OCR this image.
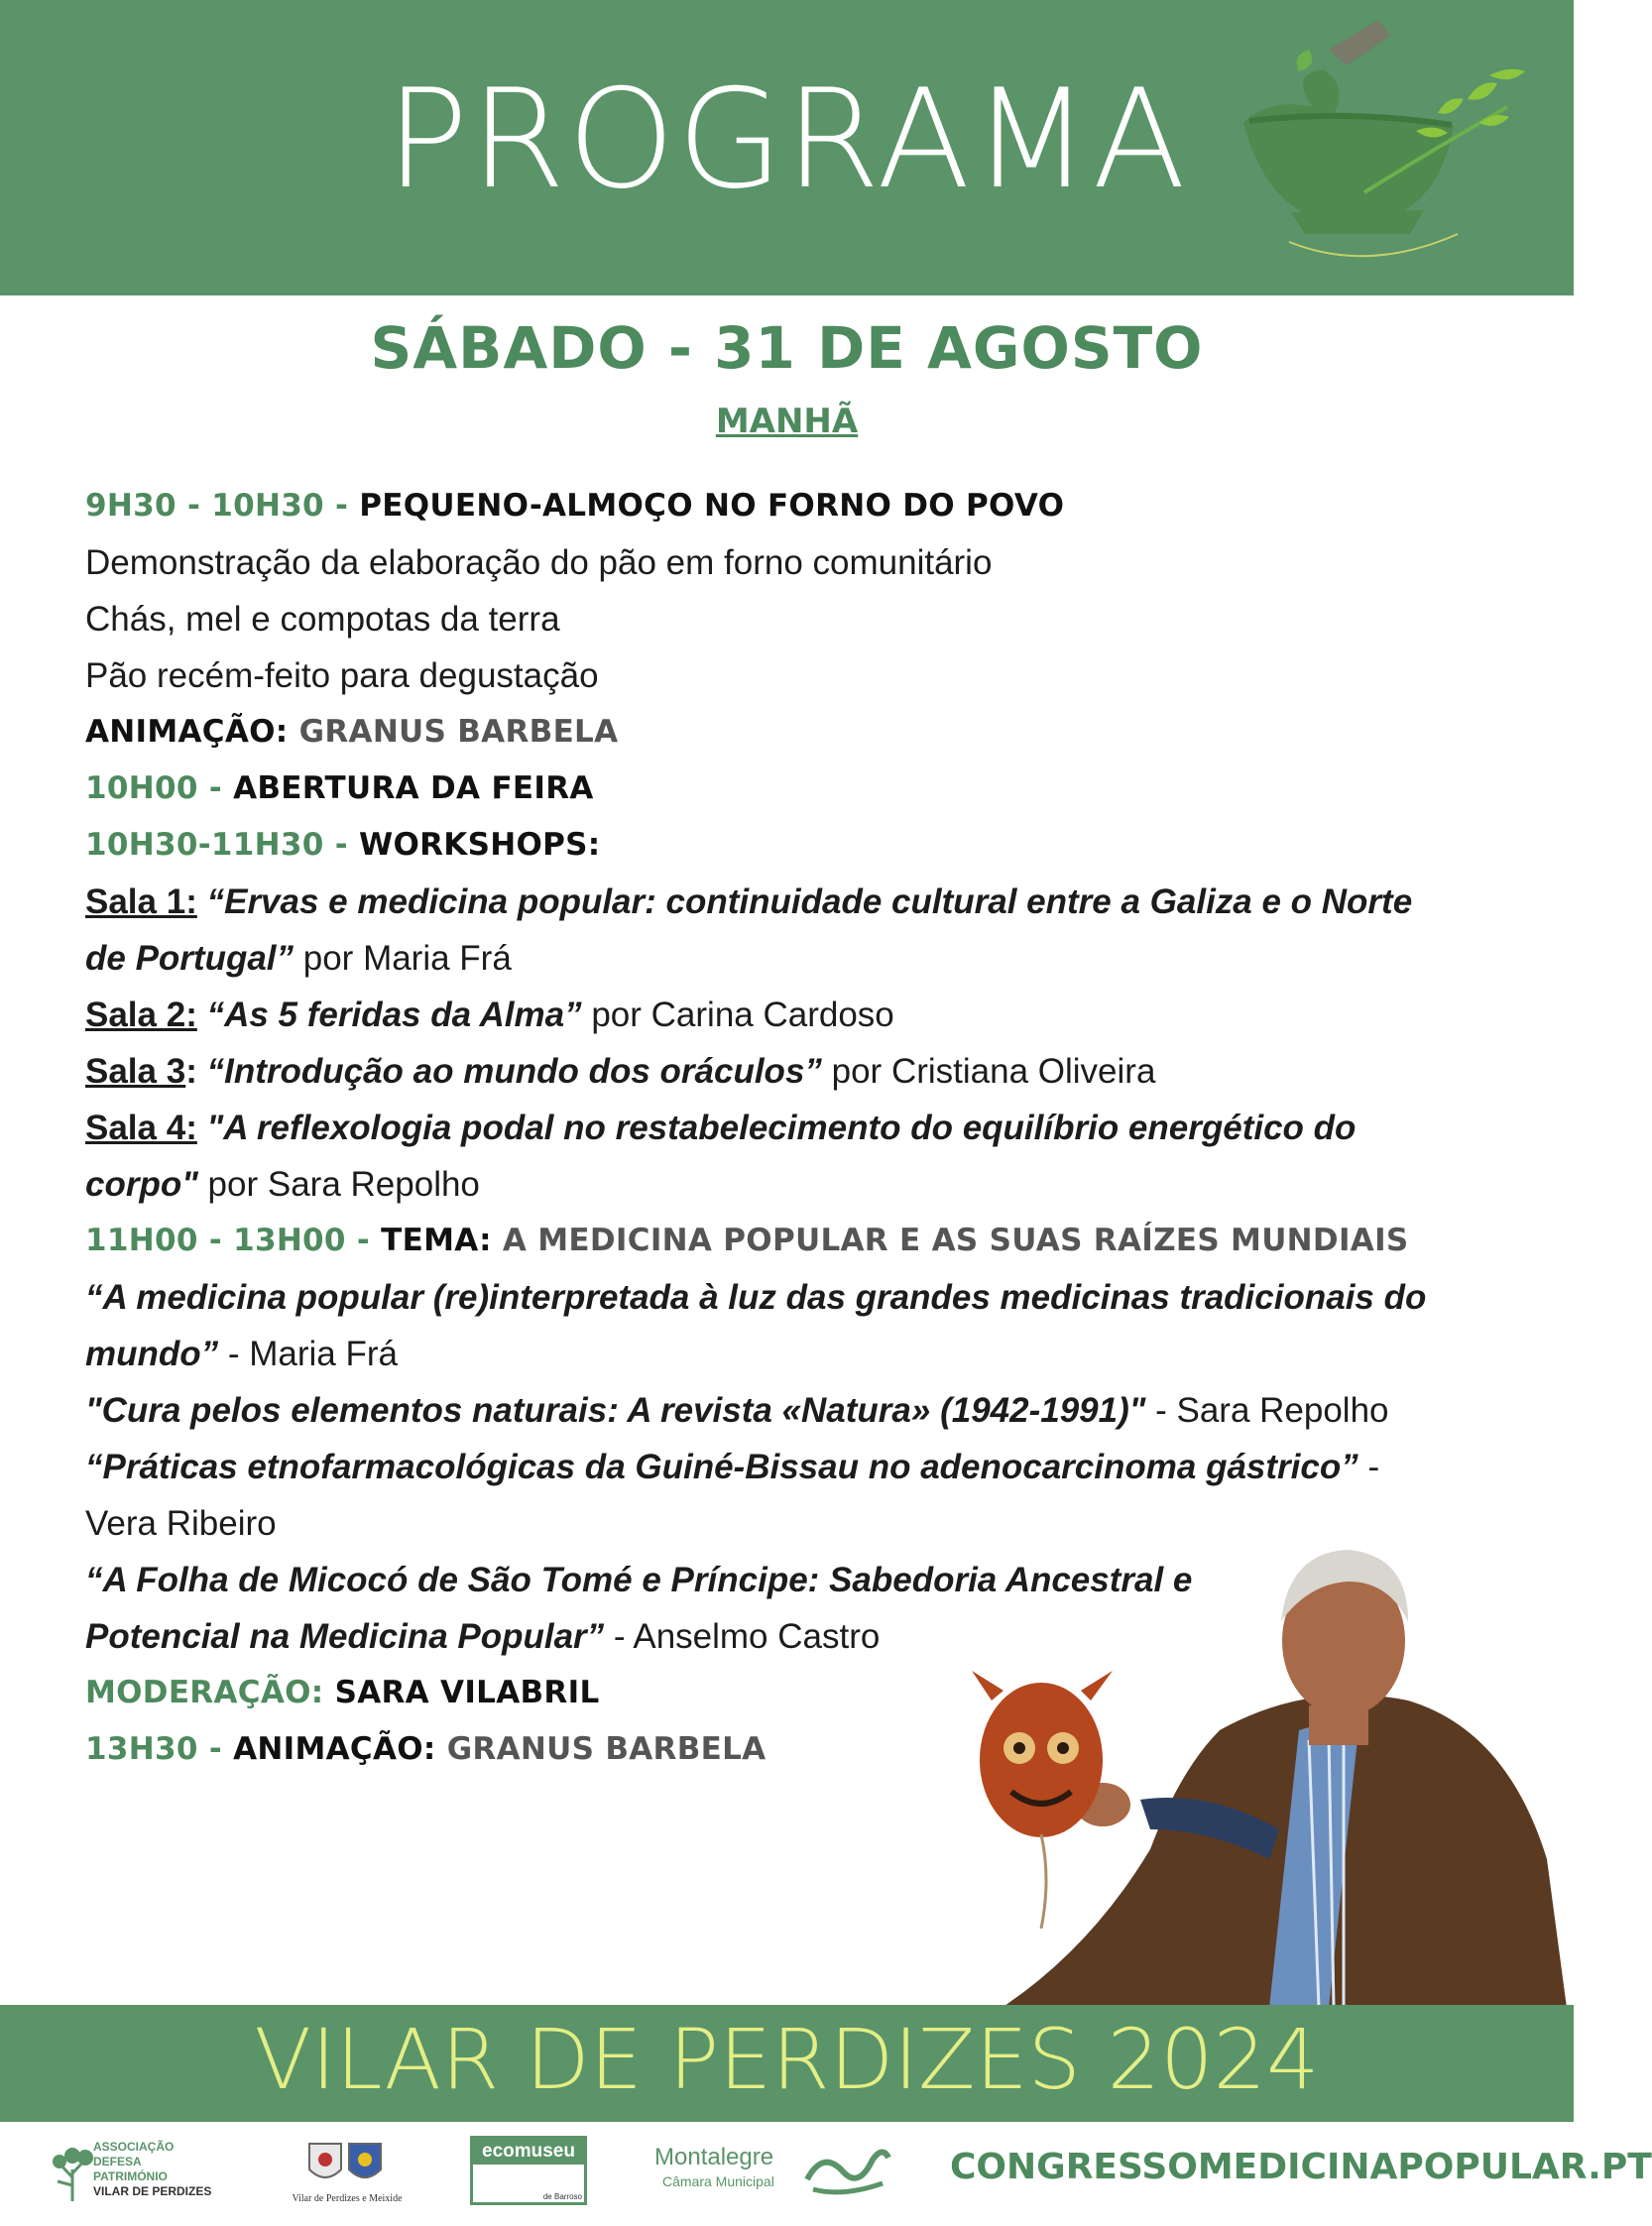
PROGRAMA
SÁBADO - 31 DE AGOSTO
MANHÃ
9H30 - 10H30 - PEQUENO-ALMOÇO NO FORNO DO POVO
Demonstração da elaboração do pão em forno comunitário
Chás, mel e compotas da terra
Pão recém-feito para degustação
ANIMAÇÃO: GRANUS BARBELA
10H00 - ABERTURA DA FEIRA
10H30-11H30 - WORKSHOPS:
Sala 1: “Ervas e medicina popular: continuidade cultural entre a Galiza e o Norte
de Portugal” por Maria Frá
Sala 2: “As 5 feridas da Alma” por Carina Cardoso
Sala 3: “Introdução ao mundo dos oráculos” por Cristiana Oliveira
Sala 4: "A reflexologia podal no restabelecimento do equilíbrio energético do
corpo" por Sara Repolho
11H00 - 13H00 - TEMA: A MEDICINA POPULAR E AS SUAS RAÍZES MUNDIAIS
“A medicina popular (re)interpretada à luz das grandes medicinas tradicionais do
mundo” - Maria Frá
"Cura pelos elementos naturais: A revista «Natura» (1942-1991)" - Sara Repolho
“Práticas etnofarmacológicas da Guiné-Bissau no adenocarcinoma gástrico” -
Vera Ribeiro
“A Folha de Micocó de São Tomé e Príncipe: Sabedoria Ancestral e
Potencial na Medicina Popular” - Anselmo Castro
MODERAÇÃO: SARA VILABRIL
13H30 - ANIMAÇÃO: GRANUS BARBELA
VILAR DE PERDIZES 2024
ASSOCIAÇÃO
DEFESA
PATRIMÓNIO
VILAR DE PERDIZES
Vilar de Perdizes e Meixide
ecomuseu
de Barroso
Montalegre
Câmara Municipal	CONGRESSOMEDICINAPOPULAR.PT
